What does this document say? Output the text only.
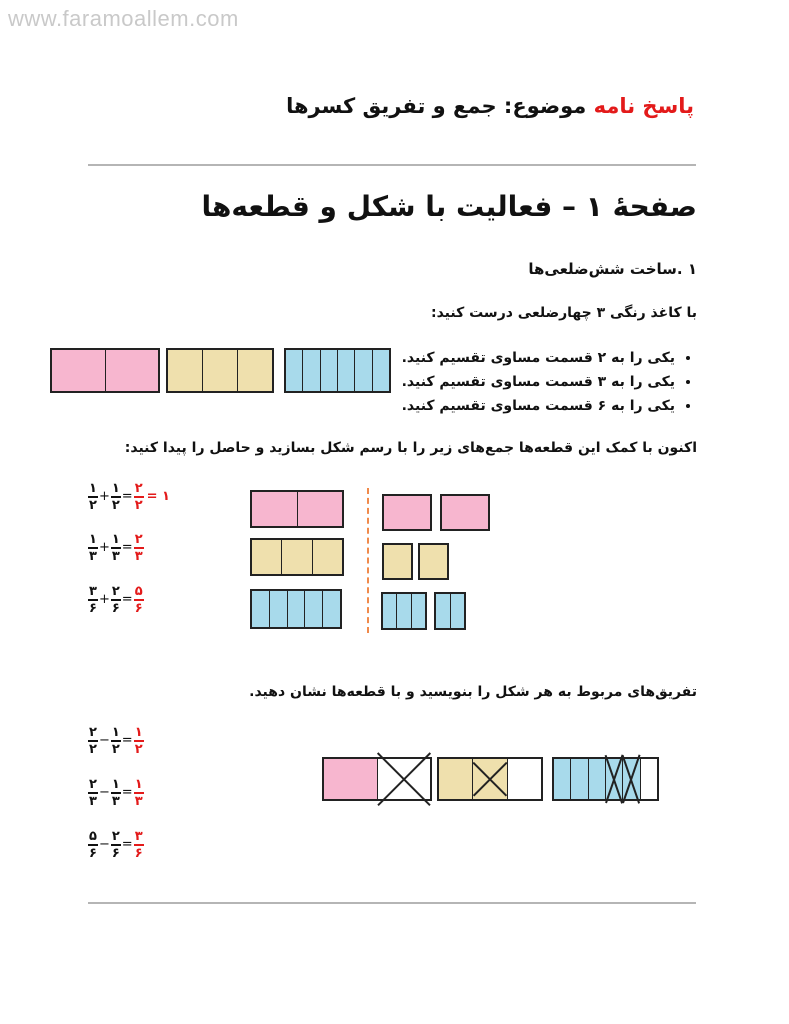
www.faramoallem.com
پاسخ نامه موضوع: جمع و تفریق کسرها
صفحهٔ ۱ – فعالیت با شکل و قطعه‌ها
۱ .ساخت شش‌ضلعی‌ها
با کاغذ رنگی ۳ چهارضلعی درست کنید:
• یکی را به ۲ قسمت مساوی تقسیم کنید.
• یکی را به ۳ قسمت مساوی تقسیم کنید.
• یکی را به ۶ قسمت مساوی تقسیم کنید.
اکنون با کمک این قطعه‌ها جمع‌های زیر را با رسم شکل بسازید و حاصل را پیدا کنید:
$\frac{۱}{۲} + \frac{۱}{۲} = \frac{۲}{۲}$ = ۱
$\frac{۱}{۳} + \frac{۱}{۳} = \frac{۲}{۳}$
$\frac{۳}{۶} + \frac{۲}{۶} = \frac{۵}{۶}$
تفریق‌های مربوط به هر شکل را بنویسید و با قطعه‌ها نشان دهید.
$\frac{۲}{۲} - \frac{۱}{۲} = \frac{۱}{۲}$
$\frac{۲}{۳} - \frac{۱}{۳} = \frac{۱}{۳}$
$\frac{۵}{۶} - \frac{۲}{۶} = \frac{۳}{۶}$
